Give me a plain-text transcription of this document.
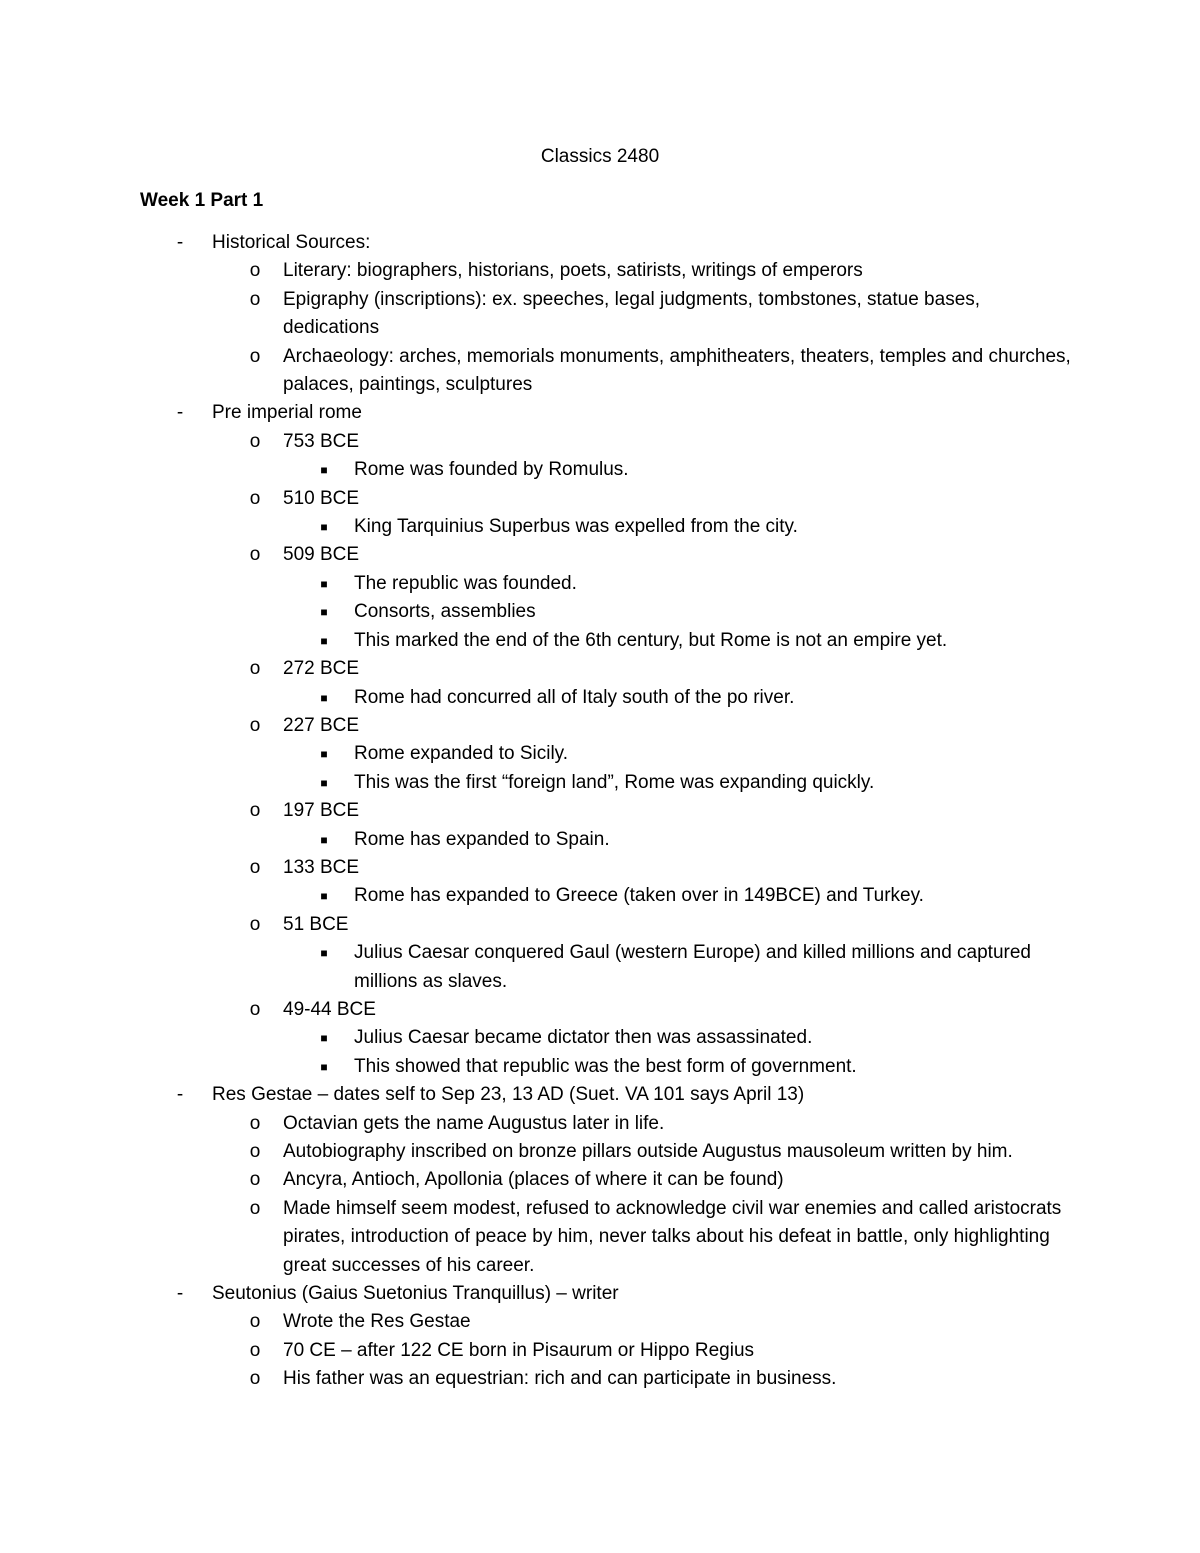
Classics 2480
Week 1 Part 1
-	Historical Sources:
o Literary: biographers, historians, poets, satirists, writings of emperors
o Epigraphy (inscriptions): ex. speeches, legal judgments, tombstones, statue bases, dedications
o Archaeology: arches, memorials monuments, amphitheaters, theaters, temples and churches, palaces, paintings, sculptures
-	Pre imperial rome
o 753 BCE
■	Rome was founded by Romulus.
o 510 BCE
■	King Tarquinius Superbus was expelled from the city.
o 509 BCE
■	The republic was founded.
■	Consorts, assemblies
■	This marked the end of the 6th century, but Rome is not an empire yet.
o 272 BCE
■	Rome had concurred all of Italy south of the po river.
o 227 BCE
■	Rome expanded to Sicily.
■	This was the first “foreign land”, Rome was expanding quickly.
o 197 BCE
■	Rome has expanded to Spain.
o 133 BCE
■	Rome has expanded to Greece (taken over in 149BCE) and Turkey.
o 51 BCE
■	Julius Caesar conquered Gaul (western Europe) and killed millions and captured millions as slaves.
o 49-44 BCE
■	Julius Caesar became dictator then was assassinated.
■	This showed that republic was the best form of government.
-	Res Gestae – dates self to Sep 23, 13 AD (Suet. VA 101 says April 13)
o Octavian gets the name Augustus later in life.
o Autobiography inscribed on bronze pillars outside Augustus mausoleum written by him.
o Ancyra, Antioch, Apollonia (places of where it can be found)
o Made himself seem modest, refused to acknowledge civil war enemies and called aristocrats pirates, introduction of peace by him, never talks about his defeat in battle, only highlighting great successes of his career.
-	Seutonius (Gaius Suetonius Tranquillus) – writer
o Wrote the Res Gestae
o 70 CE – after 122 CE born in Pisaurum or Hippo Regius
o His father was an equestrian: rich and can participate in business.
